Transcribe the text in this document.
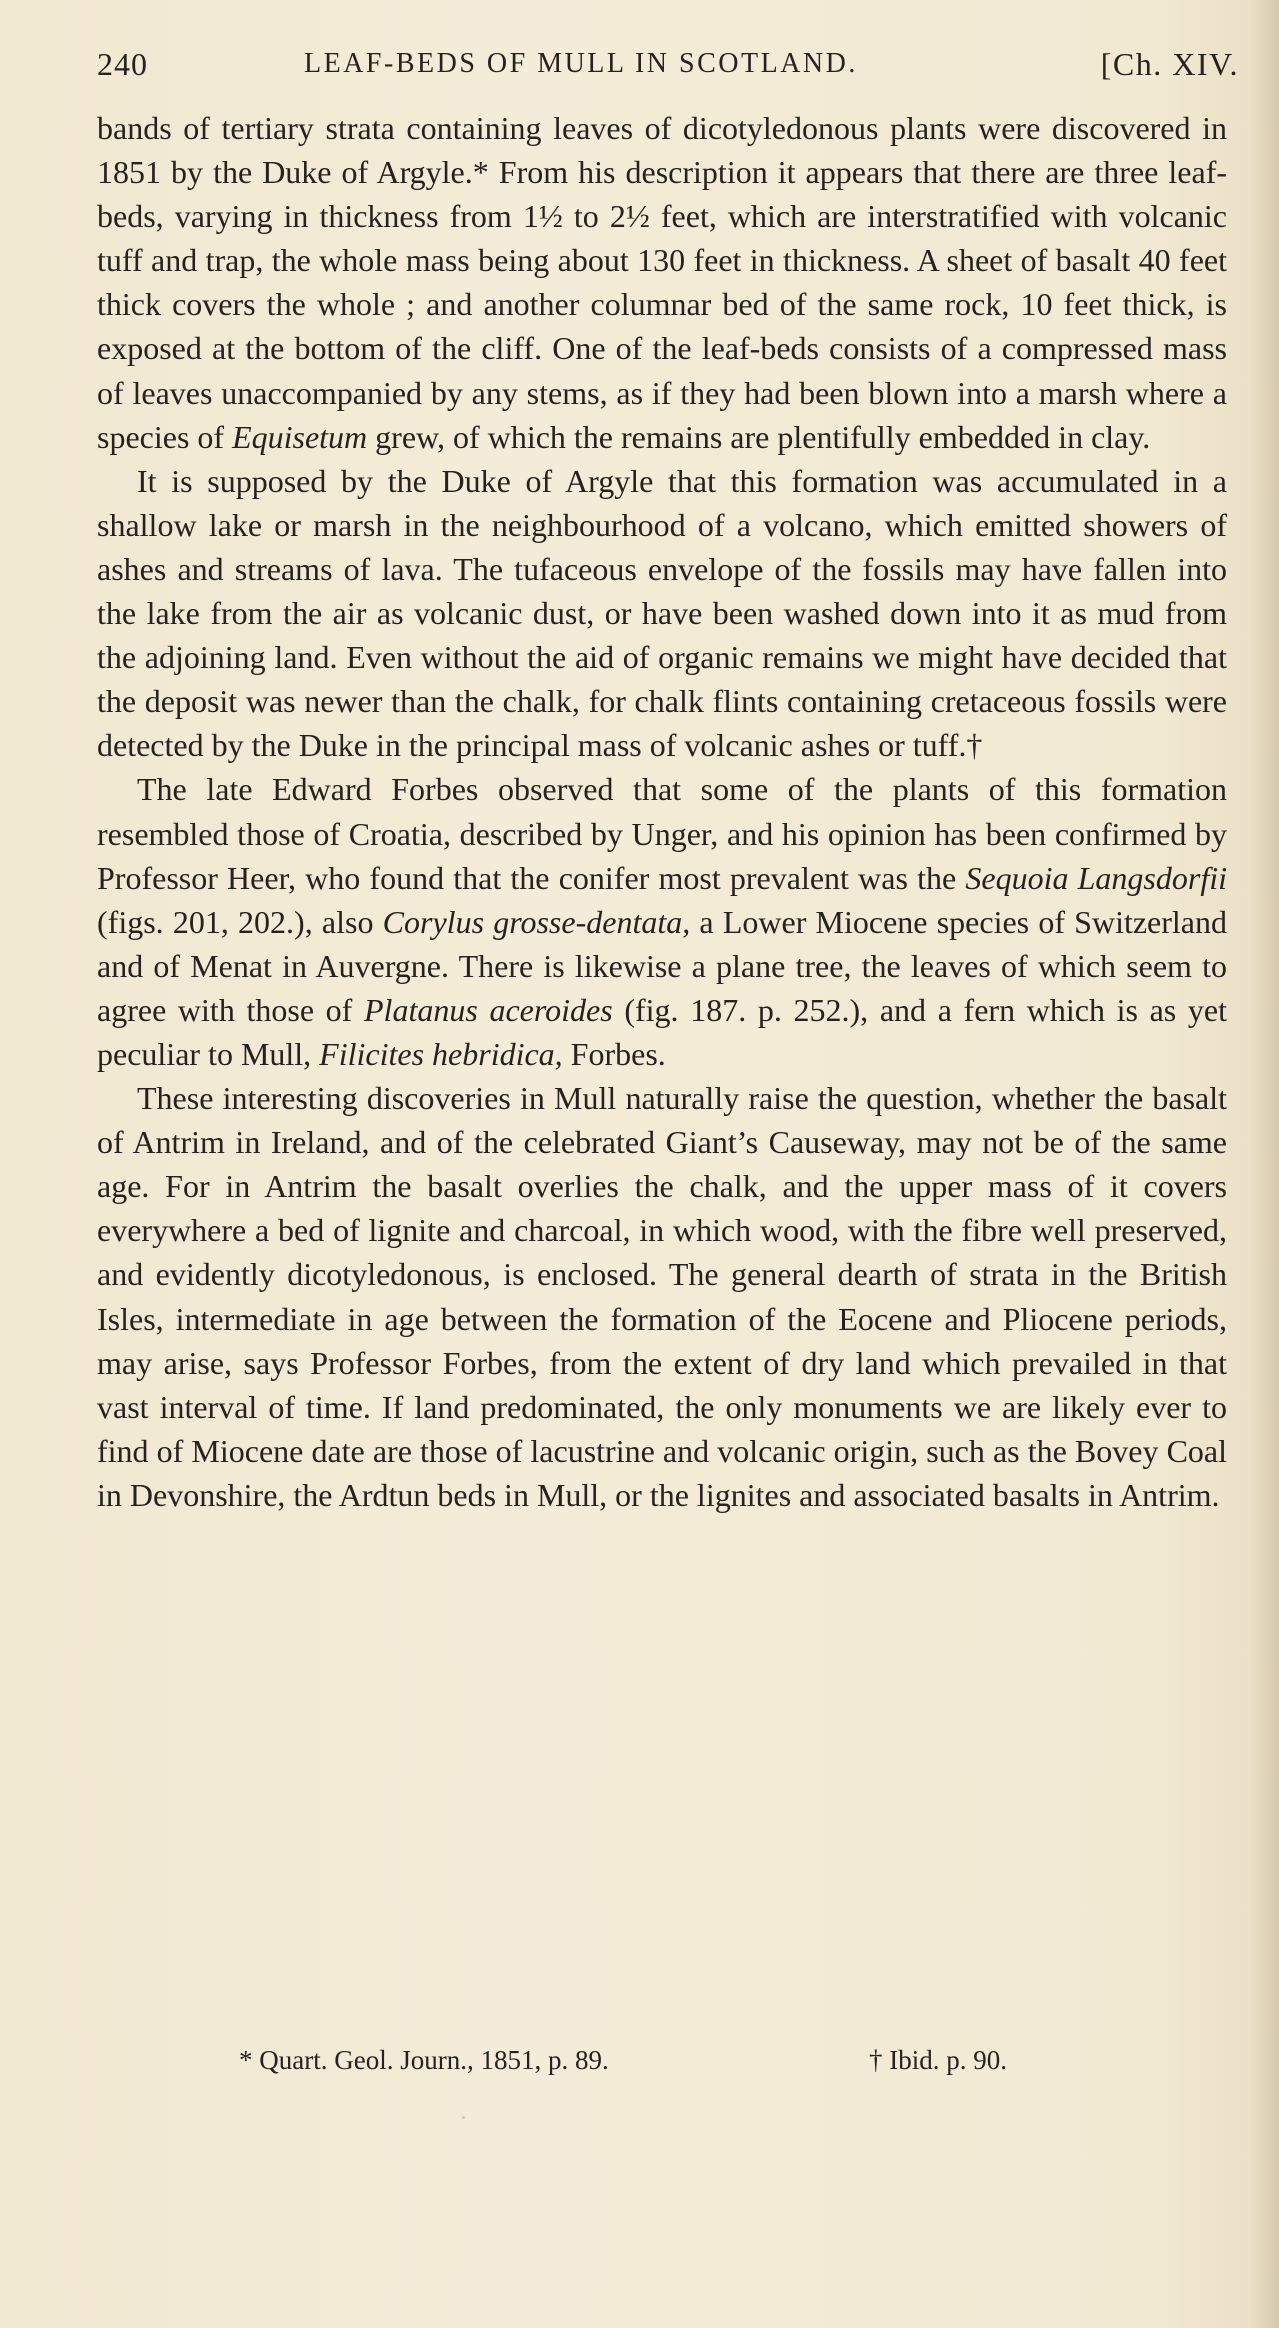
240	LEAF-BEDS OF MULL IN SCOTLAND.	[Ch. XIV.

bands of tertiary strata containing leaves of dicotyledonous plants were discovered in 1851 by the Duke of Argyle.* From his description it appears that there are three leaf-beds, varying in thickness from 1½ to 2½ feet, which are interstratified with volcanic tuff and trap, the whole mass being about 130 feet in thickness. A sheet of basalt 40 feet thick covers the whole ; and another columnar bed of the same rock, 10 feet thick, is exposed at the bottom of the cliff. One of the leaf-beds consists of a compressed mass of leaves unaccompanied by any stems, as if they had been blown into a marsh where a species of Equisetum grew, of which the remains are plentifully embedded in clay.

It is supposed by the Duke of Argyle that this formation was accumulated in a shallow lake or marsh in the neighbourhood of a volcano, which emitted showers of ashes and streams of lava. The tufaceous envelope of the fossils may have fallen into the lake from the air as volcanic dust, or have been washed down into it as mud from the adjoining land. Even without the aid of organic remains we might have decided that the deposit was newer than the chalk, for chalk flints containing cretaceous fossils were detected by the Duke in the principal mass of volcanic ashes or tuff.†

The late Edward Forbes observed that some of the plants of this formation resembled those of Croatia, described by Unger, and his opinion has been confirmed by Professor Heer, who found that the conifer most prevalent was the Sequoia Langsdorfii (figs. 201, 202.), also Corylus grosse-dentata, a Lower Miocene species of Switzerland and of Menat in Auvergne. There is likewise a plane tree, the leaves of which seem to agree with those of Platanus aceroides (fig. 187. p. 252.), and a fern which is as yet peculiar to Mull, Filicites hebridica, Forbes.

These interesting discoveries in Mull naturally raise the question, whether the basalt of Antrim in Ireland, and of the celebrated Giant’s Causeway, may not be of the same age. For in Antrim the basalt overlies the chalk, and the upper mass of it covers everywhere a bed of lignite and charcoal, in which wood, with the fibre well preserved, and evidently dicotyledonous, is enclosed. The general dearth of strata in the British Isles, intermediate in age between the formation of the Eocene and Pliocene periods, may arise, says Professor Forbes, from the extent of dry land which prevailed in that vast interval of time. If land predominated, the only monuments we are likely ever to find of Miocene date are those of lacustrine and volcanic origin, such as the Bovey Coal in Devonshire, the Ardtun beds in Mull, or the lignites and associated basalts in Antrim.

* Quart. Geol. Journ., 1851, p. 89.	† Ibid. p. 90.
